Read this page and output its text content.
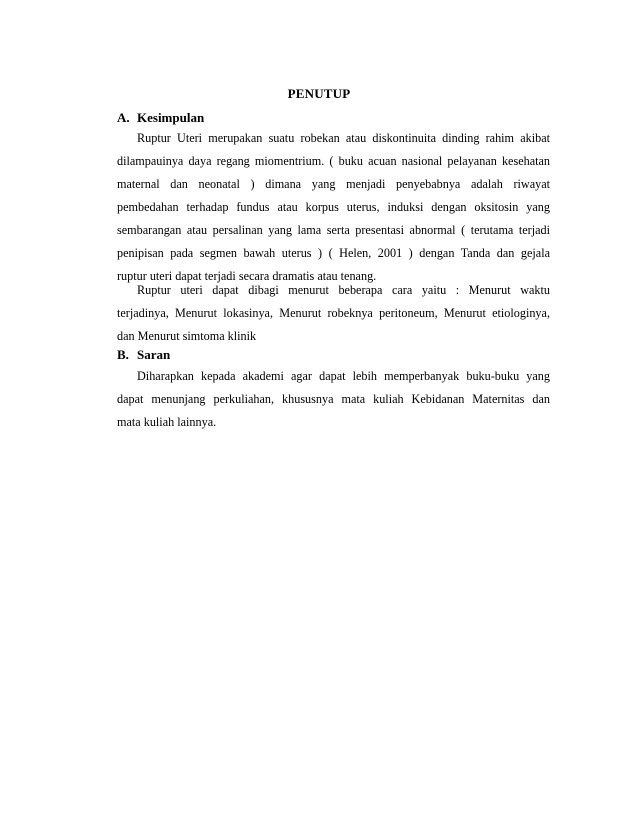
PENUTUP
A. Kesimpulan
Ruptur Uteri merupakan suatu robekan atau diskontinuita dinding rahim akibat
dilampauinya daya regang miomentrium. ( buku acuan nasional pelayanan kesehatan
maternal dan neonatal ) dimana yang menjadi penyebabnya adalah riwayat
pembedahan terhadap fundus atau korpus uterus, induksi dengan oksitosin yang
sembarangan atau persalinan yang lama serta presentasi abnormal ( terutama terjadi
penipisan pada segmen bawah uterus ) ( Helen, 2001 ) dengan Tanda dan gejala
ruptur uteri dapat terjadi secara dramatis atau tenang.
Ruptur uteri dapat dibagi menurut beberapa cara yaitu : Menurut waktu
terjadinya, Menurut lokasinya, Menurut robeknya peritoneum, Menurut etiologinya,
dan Menurut simtoma klinik
B. Saran
Diharapkan kepada akademi agar dapat lebih memperbanyak buku-buku yang
dapat menunjang perkuliahan, khususnya mata kuliah Kebidanan Maternitas dan
mata kuliah lainnya.
